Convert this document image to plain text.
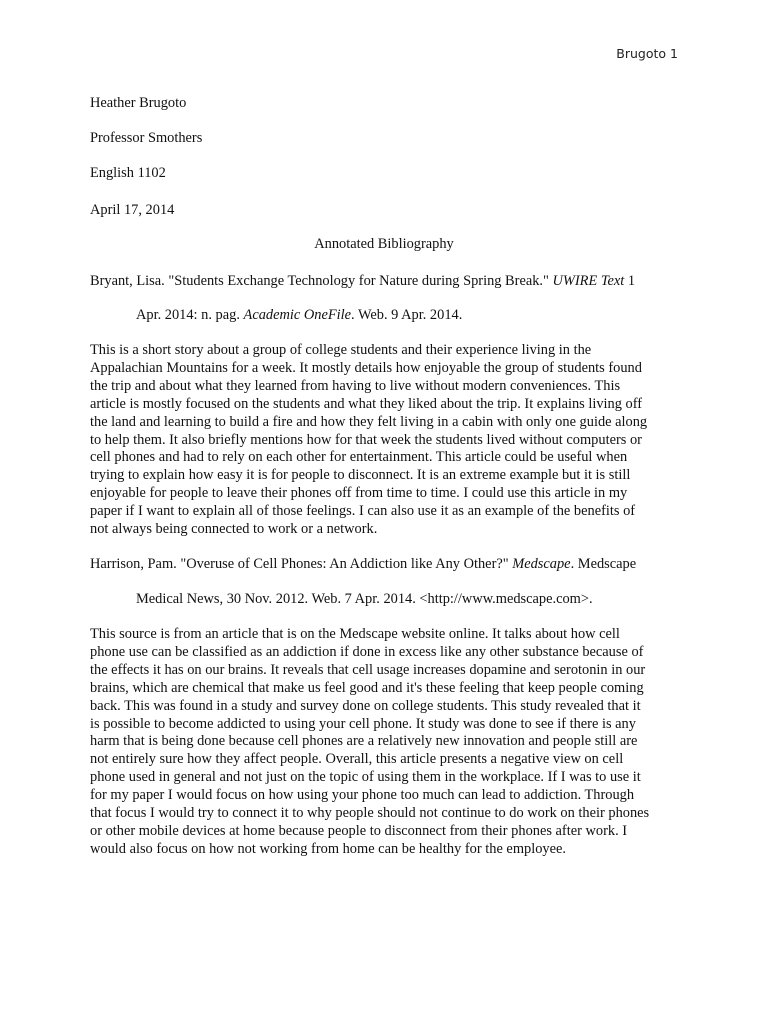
Brugoto 1
Heather Brugoto
Professor Smothers
English 1102
April 17, 2014
Annotated Bibliography
Bryant, Lisa. "Students Exchange Technology for Nature during Spring Break." UWIRE Text 1
Apr. 2014: n. pag. Academic OneFile. Web. 9 Apr. 2014.
This is a short story about a group of college students and their experience living in the
Appalachian Mountains for a week. It mostly details how enjoyable the group of students found
the trip and about what they learned from having to live without modern conveniences. This
article is mostly focused on the students and what they liked about the trip. It explains living off
the land and learning to build a fire and how they felt living in a cabin with only one guide along
to help them. It also briefly mentions how for that week the students lived without computers or
cell phones and had to rely on each other for entertainment. This article could be useful when
trying to explain how easy it is for people to disconnect. It is an extreme example but it is still
enjoyable for people to leave their phones off from time to time. I could use this article in my
paper if I want to explain all of those feelings. I can also use it as an example of the benefits of
not always being connected to work or a network.
Harrison, Pam. "Overuse of Cell Phones: An Addiction like Any Other?" Medscape. Medscape
Medical News, 30 Nov. 2012. Web. 7 Apr. 2014. <http://www.medscape.com>.
This source is from an article that is on the Medscape website online. It talks about how cell
phone use can be classified as an addiction if done in excess like any other substance because of
the effects it has on our brains. It reveals that cell usage increases dopamine and serotonin in our
brains, which are chemical that make us feel good and it's these feeling that keep people coming
back. This was found in a study and survey done on college students. This study revealed that it
is possible to become addicted to using your cell phone. It study was done to see if there is any
harm that is being done because cell phones are a relatively new innovation and people still are
not entirely sure how they affect people. Overall, this article presents a negative view on cell
phone used in general and not just on the topic of using them in the workplace. If I was to use it
for my paper I would focus on how using your phone too much can lead to addiction. Through
that focus I would try to connect it to why people should not continue to do work on their phones
or other mobile devices at home because people to disconnect from their phones after work. I
would also focus on how not working from home can be healthy for the employee.
